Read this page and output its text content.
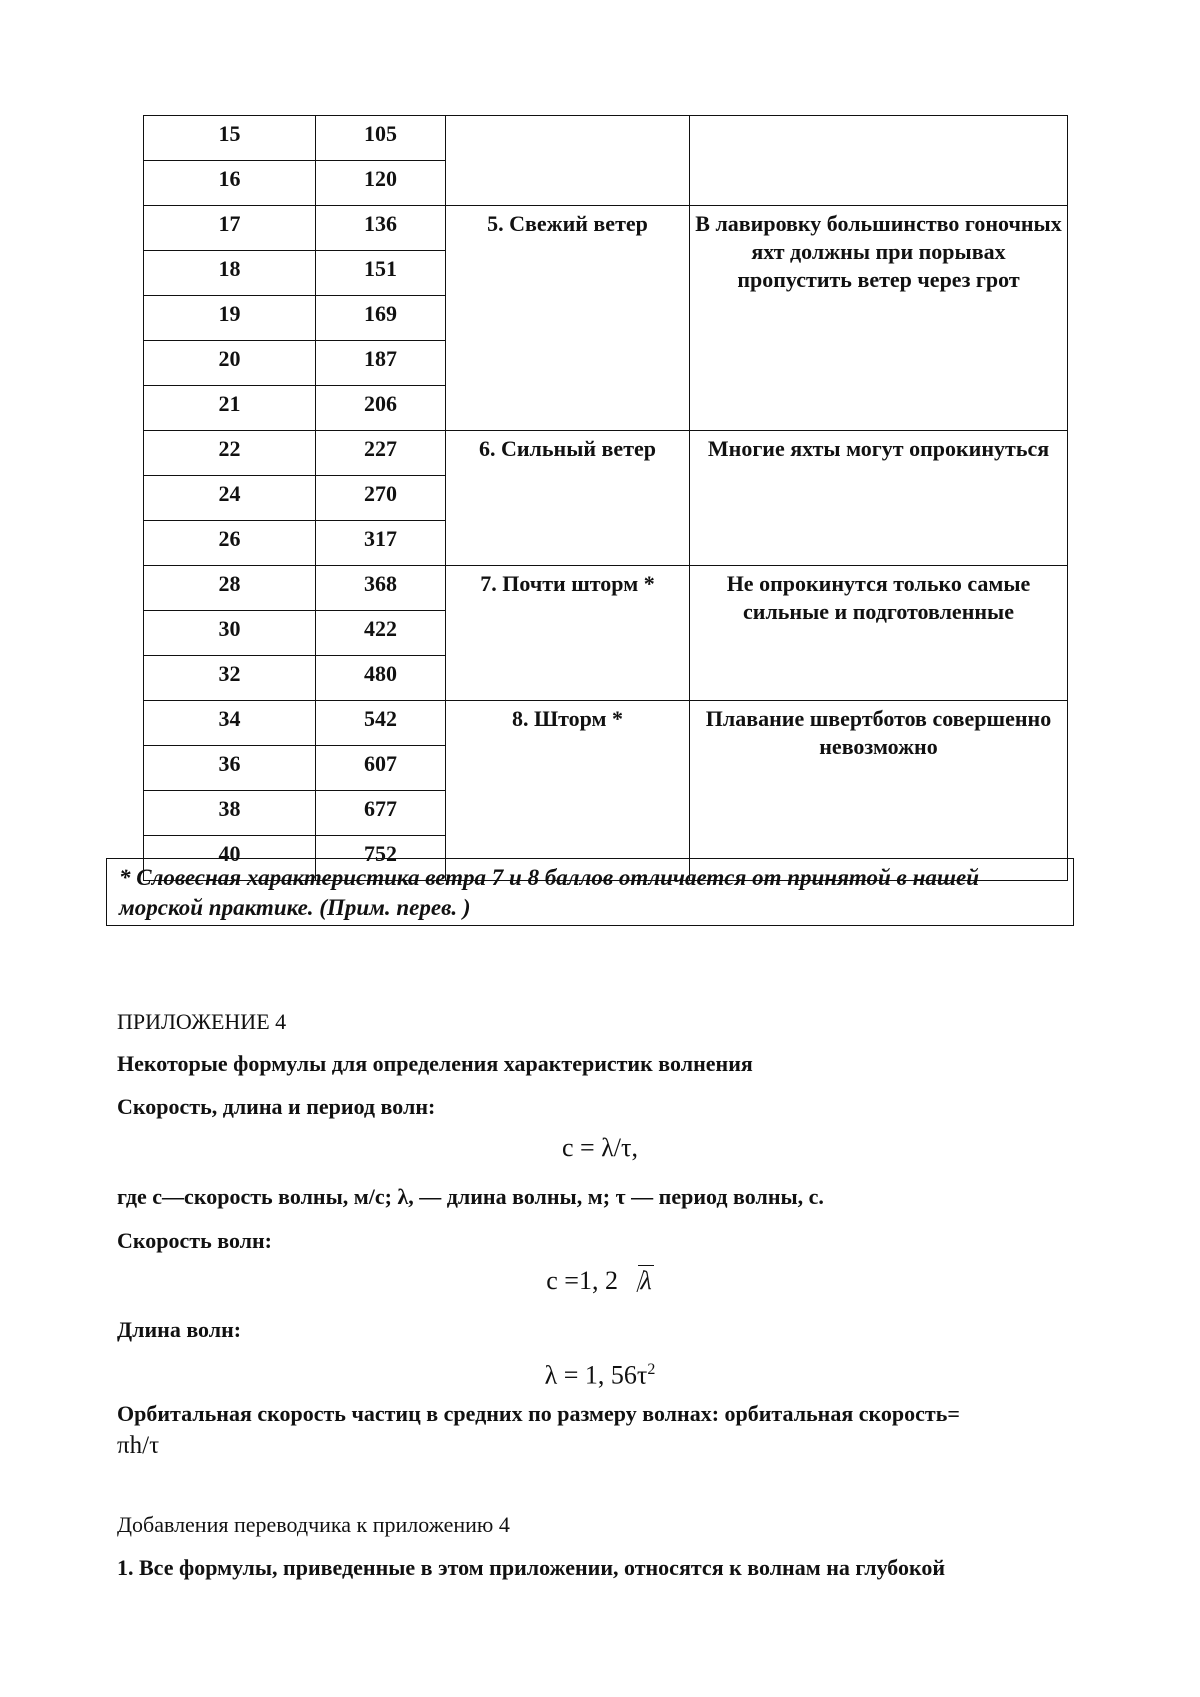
15	105		
16	120		
17	136	5. Свежий ветер	В лавировку большинство гоночных яхт должны при порывах пропустить ветер через грот
18	151		
19	169		
20	187		
21	206		
22	227	6. Сильный ветер	Многие яхты могут опрокинуться
24	270		
26	317		
28	368	7. Почти шторм *	Не опрокинутся только самые сильные и подготовленные
30	422		
32	480		
34	542	8. Шторм *	Плавание швертботов совершенно невозможно
36	607		
38	677		
40	752		
* Словесная характеристика ветра 7 и 8 баллов отличается от принятой в нашей морской практике. (Прим. перев. )
ПРИЛОЖЕНИЕ 4
Некоторые формулы для определения характеристик волнения
Скорость, длина и период волн:
c = λ/τ,
где с—скорость волны, м/с; λ, — длина волны, м; τ — период волны, с.
Скорость волн:
c =1, 2 λ
Длина волн:
λ = 1, $56\tau^2$
Орбитальная скорость частиц в средних по размеру волнах: орбитальная скорость=
πh/τ
Добавления переводчика к приложению 4
1. Все формулы, приведенные в этом приложении, относятся к волнам на глубокой
